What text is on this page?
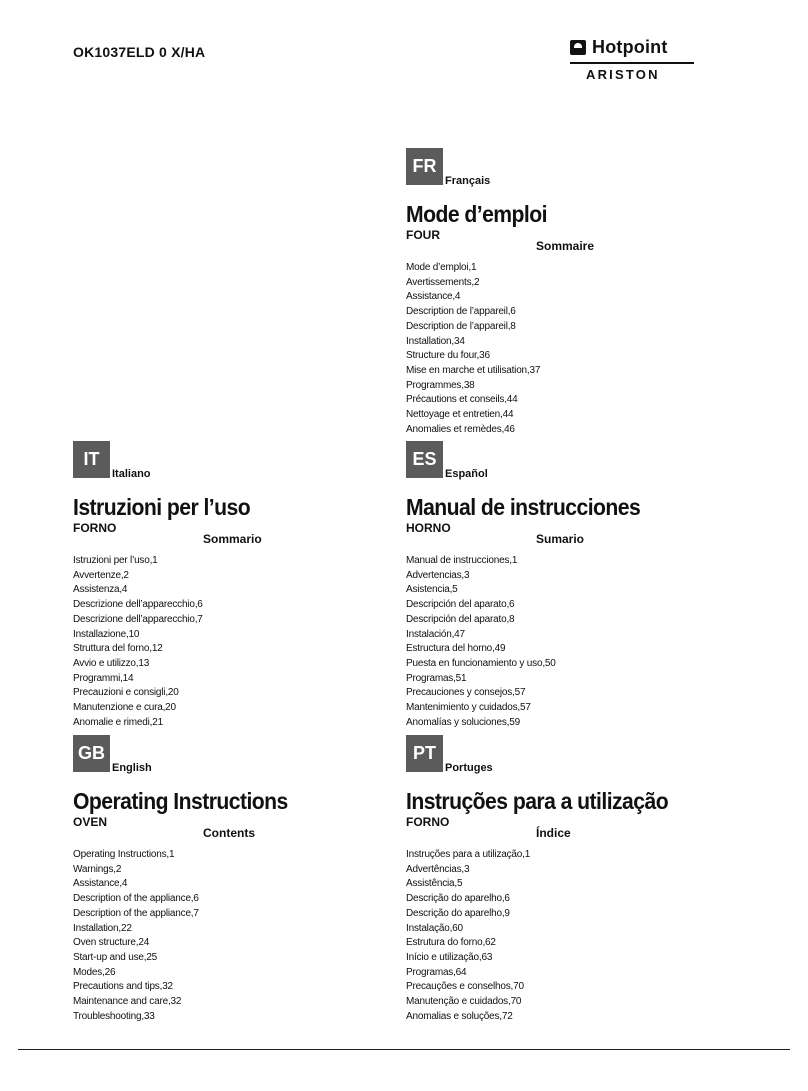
OK1037ELD 0 X/HA	Hotpoint
ARISTON
FR
Français
Mode d’emploi
FOUR
Sommaire
Mode d’emploi,1
Avertissements,2
Assistance,4
Description de l’appareil,6
Description de l’appareil,8
Installation,34
Structure du four,36
Mise en marche et utilisation,37
Programmes,38
Précautions et conseils,44
Nettoyage et entretien,44
Anomalies et remèdes,46
IT
Italiano
Istruzioni per l’uso
FORNO
Sommario
Istruzioni per l’uso,1
Avvertenze,2
Assistenza,4
Descrizione dell’apparecchio,6
Descrizione dell’apparecchio,7
Installazione,10
Struttura del forno,12
Avvio e utilizzo,13
Programmi,14
Precauzioni e consigli,20
Manutenzione e cura,20
Anomalie e rimedi,21
ES
Español
Manual de instrucciones
HORNO
Sumario
Manual de instrucciones,1
Advertencias,3
Asistencia,5
Descripción del aparato,6
Descripción del aparato,8
Instalación,47
Estructura del horno,49
Puesta en funcionamiento y uso,50
Programas,51
Precauciones y consejos,57
Mantenimiento y cuidados,57
Anomalías y soluciones,59
GB
English
Operating Instructions
OVEN
Contents
Operating Instructions,1
Warnings,2
Assistance,4
Description of the appliance,6
Description of the appliance,7
Installation,22
Oven structure,24
Start-up and use,25
Modes,26
Precautions and tips,32
Maintenance and care,32
Troubleshooting,33
PT
Portuges
Instruções para a utilização
FORNO
Índice
Instruções para a utilização,1
Advertências,3
Assistência,5
Descrição do aparelho,6
Descrição do aparelho,9
Instalação,60
Estrutura do forno,62
Início e utilização,63
Programas,64
Precauções e conselhos,70
Manutenção e cuidados,70
Anomalias e soluções,72
